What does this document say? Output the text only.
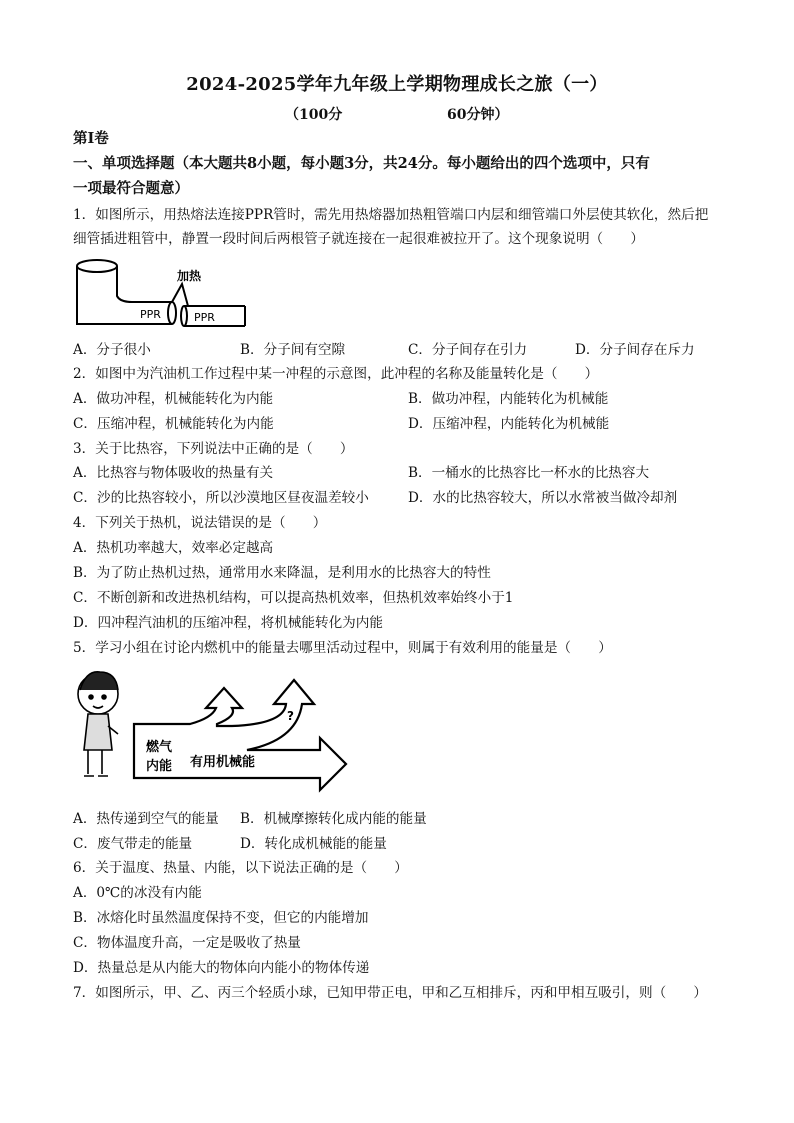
2024-2025学年九年级上学期物理成长之旅（一）
（100分	60分钟）
第Ⅰ卷
一、单项选择题（本大题共8小题，每小题3分，共24分。每小题给出的四个选项中，只有
一项最符合题意）
1．如图所示，用热熔法连接PPR管时，需先用热熔器加热粗管端口内层和细管端口外层使其软化，然后把
细管插进粗管中，静置一段时间后两根管子就连接在一起很难被拉开了。这个现象说明（　　）
加热
PPR	PPR
A．分子很小	B．分子间有空隙	C．分子间存在引力	D．分子间存在斥力
2．如图中为汽油机工作过程中某一冲程的示意图，此冲程的名称及能量转化是（　　）
A．做功冲程，机械能转化为内能	B．做功冲程，内能转化为机械能
C．压缩冲程，机械能转化为内能	D．压缩冲程，内能转化为机械能
3．关于比热容，下列说法中正确的是（　　）
A．比热容与物体吸收的热量有关	B．一桶水的比热容比一杯水的比热容大
C．沙的比热容较小，所以沙漠地区昼夜温差较小	D．水的比热容较大，所以水常被当做冷却剂
4．下列关于热机，说法错误的是（　　）
A．热机功率越大，效率必定越高
B．为了防止热机过热，通常用水来降温，是利用水的比热容大的特性
C．不断创新和改进热机结构，可以提高热机效率，但热机效率始终小于1
D．四冲程汽油机的压缩冲程，将机械能转化为内能
5．学习小组在讨论内燃机中的能量去哪里活动过程中，则属于有效利用的能量是（　　）
燃气
内能 有用机械能
?
A．热传递到空气的能量 B．机械摩擦转化成内能的能量
C．废气带走的能量	D．转化成机械能的能量
6．关于温度、热量、内能，以下说法正确的是（　　）
A．0℃的冰没有内能
B．冰熔化时虽然温度保持不变，但它的内能增加
C．物体温度升高，一定是吸收了热量
D．热量总是从内能大的物体向内能小的物体传递
7．如图所示，甲、乙、丙三个轻质小球，已知甲带正电，甲和乙互相排斥，丙和甲相互吸引，则（　　）
